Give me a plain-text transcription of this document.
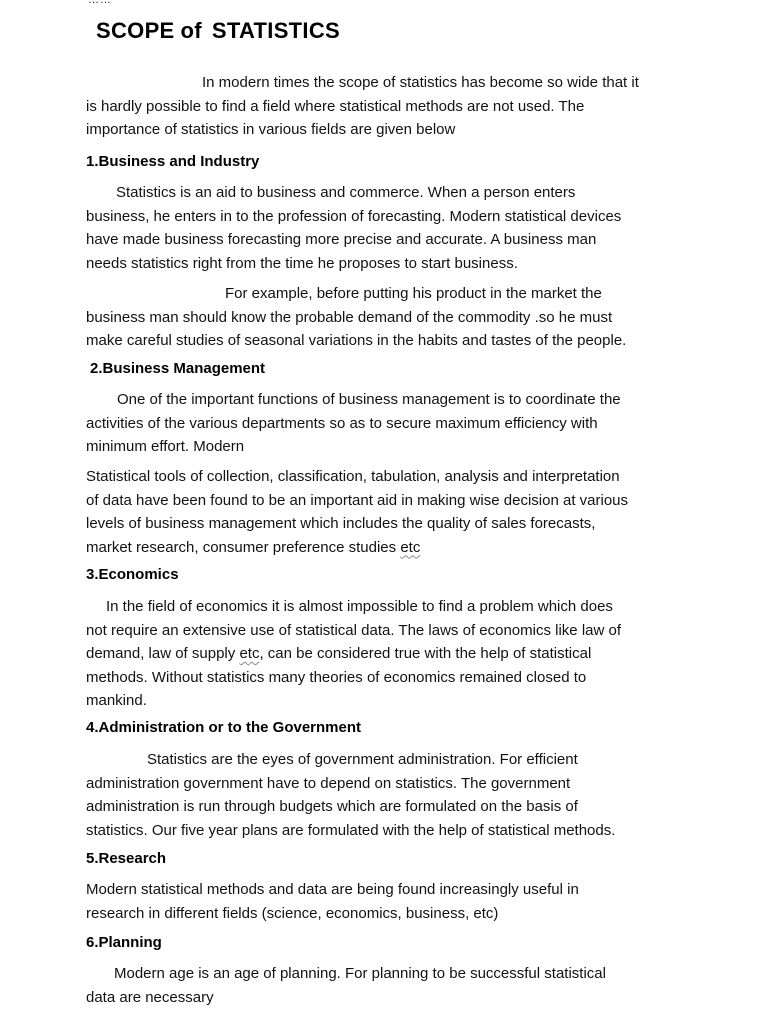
……
SCOPE of STATISTICS
In modern times the scope of statistics has become so wide that it
is hardly possible to find a field where statistical methods are not used. The
importance of statistics in various fields are given below
1.Business and Industry
Statistics is an aid to business and commerce. When a person enters
business, he enters in to the profession of forecasting. Modern statistical devices
have made business forecasting more precise and accurate. A business man
needs statistics right from the time he proposes to start business.
For example, before putting his product in the market the
business man should know the probable demand of the commodity .so he must
make careful studies of seasonal variations in the habits and tastes of the people.
2.Business Management
One of the important functions of business management is to coordinate the
activities of the various departments so as to secure maximum efficiency with
minimum effort. Modern
Statistical tools of collection, classification, tabulation, analysis and interpretation
of data have been found to be an important aid in making wise decision at various
levels of business management which includes the quality of sales forecasts,
market research, consumer preference studies etc
3.Economics
In the field of economics it is almost impossible to find a problem which does
not require an extensive use of statistical data. The laws of economics like law of
demand, law of supply etc, can be considered true with the help of statistical
methods. Without statistics many theories of economics remained closed to
mankind.
4.Administration or to the Government
Statistics are the eyes of government administration. For efficient
administration government have to depend on statistics. The government
administration is run through budgets which are formulated on the basis of
statistics. Our five year plans are formulated with the help of statistical methods.
5.Research
Modern statistical methods and data are being found increasingly useful in
research in different fields (science, economics, business, etc)
6.Planning
Modern age is an age of planning. For planning to be successful statistical
data are necessary
